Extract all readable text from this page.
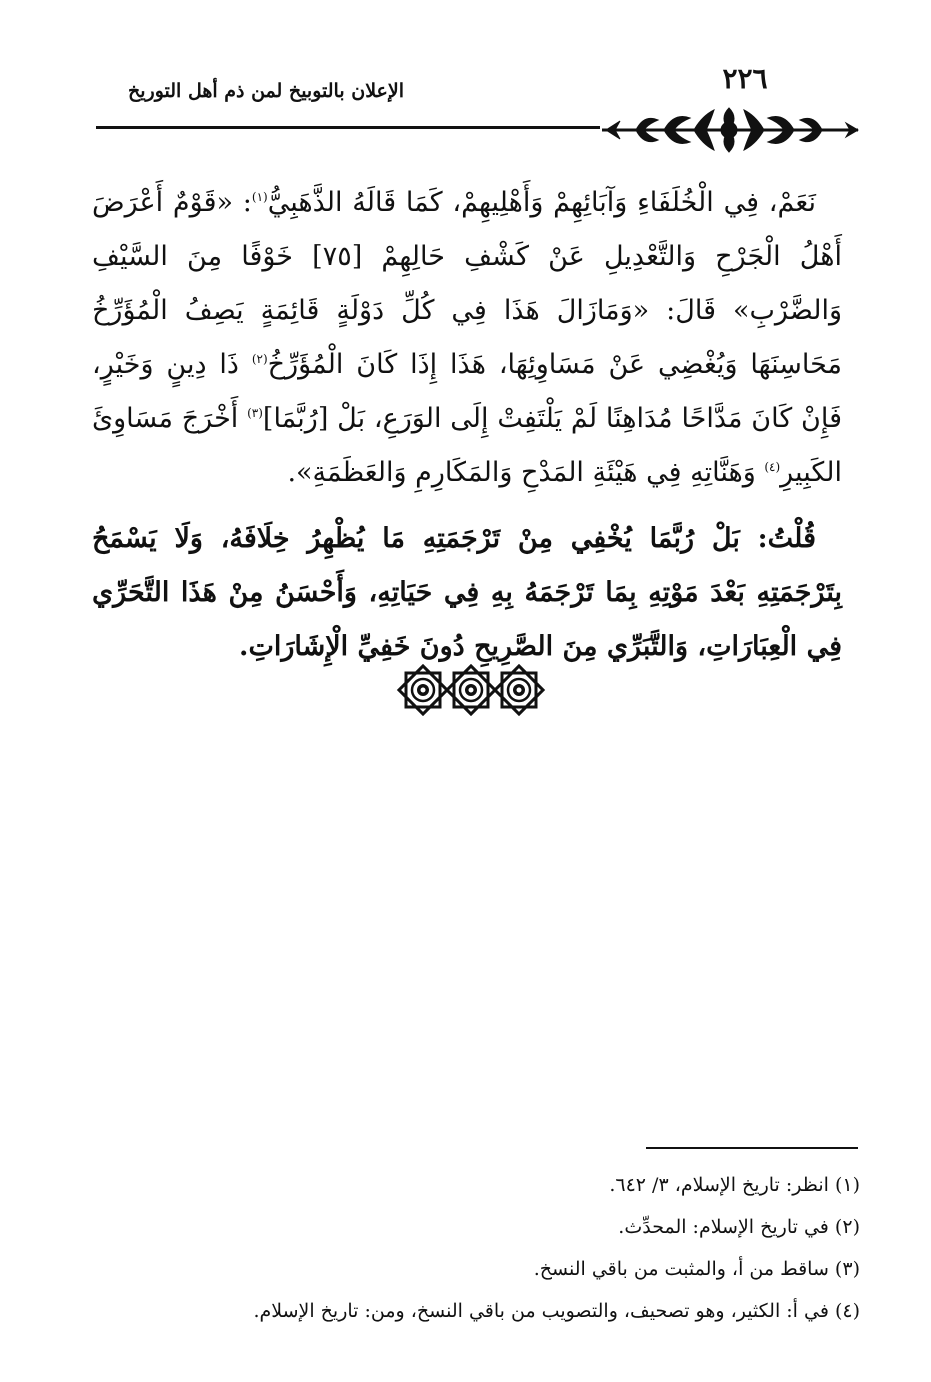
٢٢٦
الإعلان بالتوبيخ لمن ذم أهل التوريخ

نَعَمْ، فِي الْخُلَفَاءِ وَآبَائِهِمْ وَأَهْلِيهِمْ، كَمَا قَالَهُ الذَّهَبِيُّ$^{(١)}$: «قَوْمٌ أَعْرَضَ أَهْلُ الْجَرْحِ وَالتَّعْدِيلِ عَنْ كَشْفِ حَالِهِمْ [٧٥] خَوْفًا مِنَ السَّيْفِ وَالضَّرْبِ» قَالَ: «وَمَازَالَ هَذَا فِي كُلِّ دَوْلَةٍ قَائِمَةٍ يَصِفُ الْمُؤَرِّخُ مَحَاسِنَهَا وَيُغْضِي عَنْ مَسَاوِئِهَا، هَذَا إِذَا كَانَ الْمُؤَرِّخُ$^{(٢)}$ ذَا دِينٍ وَخَيْرٍ، فَإِنْ كَانَ مَدَّاحًا مُدَاهِنًا لَمْ يَلْتَفِتْ إِلَى الوَرَعِ، بَلْ [رُبَّمَا]$^{(٣)}$ أَخْرَجَ مَسَاوِئَ الكَبِيرِ$^{(٤)}$ وَهَنَّاتِهِ فِي هَيْئَةِ المَدْحِ وَالمَكَارِمِ وَالعَظَمَةِ».

قُلْتُ: بَلْ رُبَّمَا يُخْفِي مِنْ تَرْجَمَتِهِ مَا يُظْهِرُ خِلَافَهُ، وَلَا يَسْمَحُ بِتَرْجَمَتِهِ بَعْدَ مَوْتِهِ بِمَا تَرْجَمَهُ بِهِ فِي حَيَاتِهِ، وَأَحْسَنُ مِنْ هَذَا التَّحَرِّي فِي الْعِبَارَاتِ، وَالتَّبَرِّي مِنَ الصَّرِيحِ دُونَ خَفِيِّ الْإِشَارَاتِ.

(١) انظر: تاريخ الإسلام، ٣/ ٦٤٢.

(٢) في تاريخ الإسلام: المحدِّث.

(٣) ساقط من أ، والمثبت من باقي النسخ.

(٤) في أ: الكثير، وهو تصحيف، والتصويب من باقي النسخ، ومن: تاريخ الإسلام.
